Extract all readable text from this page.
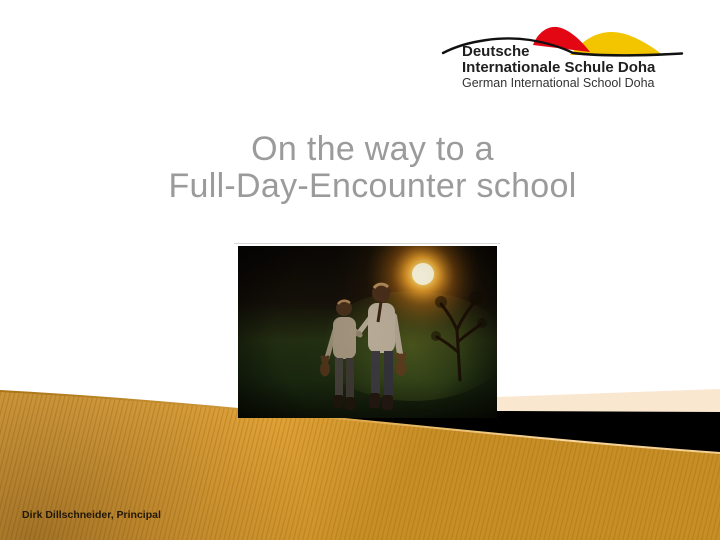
Deutsche
Internationale Schule Doha
German International School Doha
On the way to a
Full-Day-Encounter school
Dirk Dillschneider, Principal
